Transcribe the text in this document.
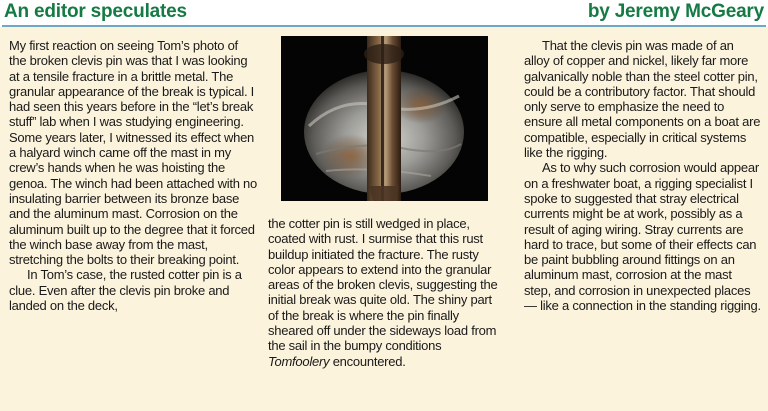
An editor speculates	by Jeremy McGeary

My first reaction on seeing Tom’s photo of the broken clevis pin was that I was looking at a tensile fracture in a brittle metal. The granular appearance of the break is typical. I had seen this years before in the “let’s break stuff” lab when I was studying engineering. Some years later, I witnessed its effect when a halyard winch came off the mast in my crew’s hands when he was hoisting the genoa. The winch had been attached with no insulating barrier between its bronze base and the aluminum mast. Corrosion on the aluminum built up to the degree that it forced the winch base away from the mast, stretching the bolts to their breaking point.

In Tom’s case, the rusted cotter pin is a clue. Even after the clevis pin broke and landed on the deck,

the cotter pin is still wedged in place, coated with rust. I surmise that this rust buildup initiated the fracture. The rusty color appears to extend into the granular areas of the broken clevis, suggesting the initial break was quite old. The shiny part of the break is where the pin finally sheared off under the sideways load from the sail in the bumpy conditions Tomfoolery encountered.

That the clevis pin was made of an alloy of copper and nickel, likely far more galvanically noble than the steel cotter pin, could be a contributory factor. That should only serve to emphasize the need to ensure all metal components on a boat are compatible, especially in critical systems like the rigging.

As to why such corrosion would appear on a freshwater boat, a rigging specialist I spoke to suggested that stray electrical currents might be at work, possibly as a result of aging wiring. Stray currents are hard to trace, but some of their effects can be paint bubbling around fittings on an aluminum mast, corrosion at the mast step, and corrosion in unexpected places — like a connection in the standing rigging.
